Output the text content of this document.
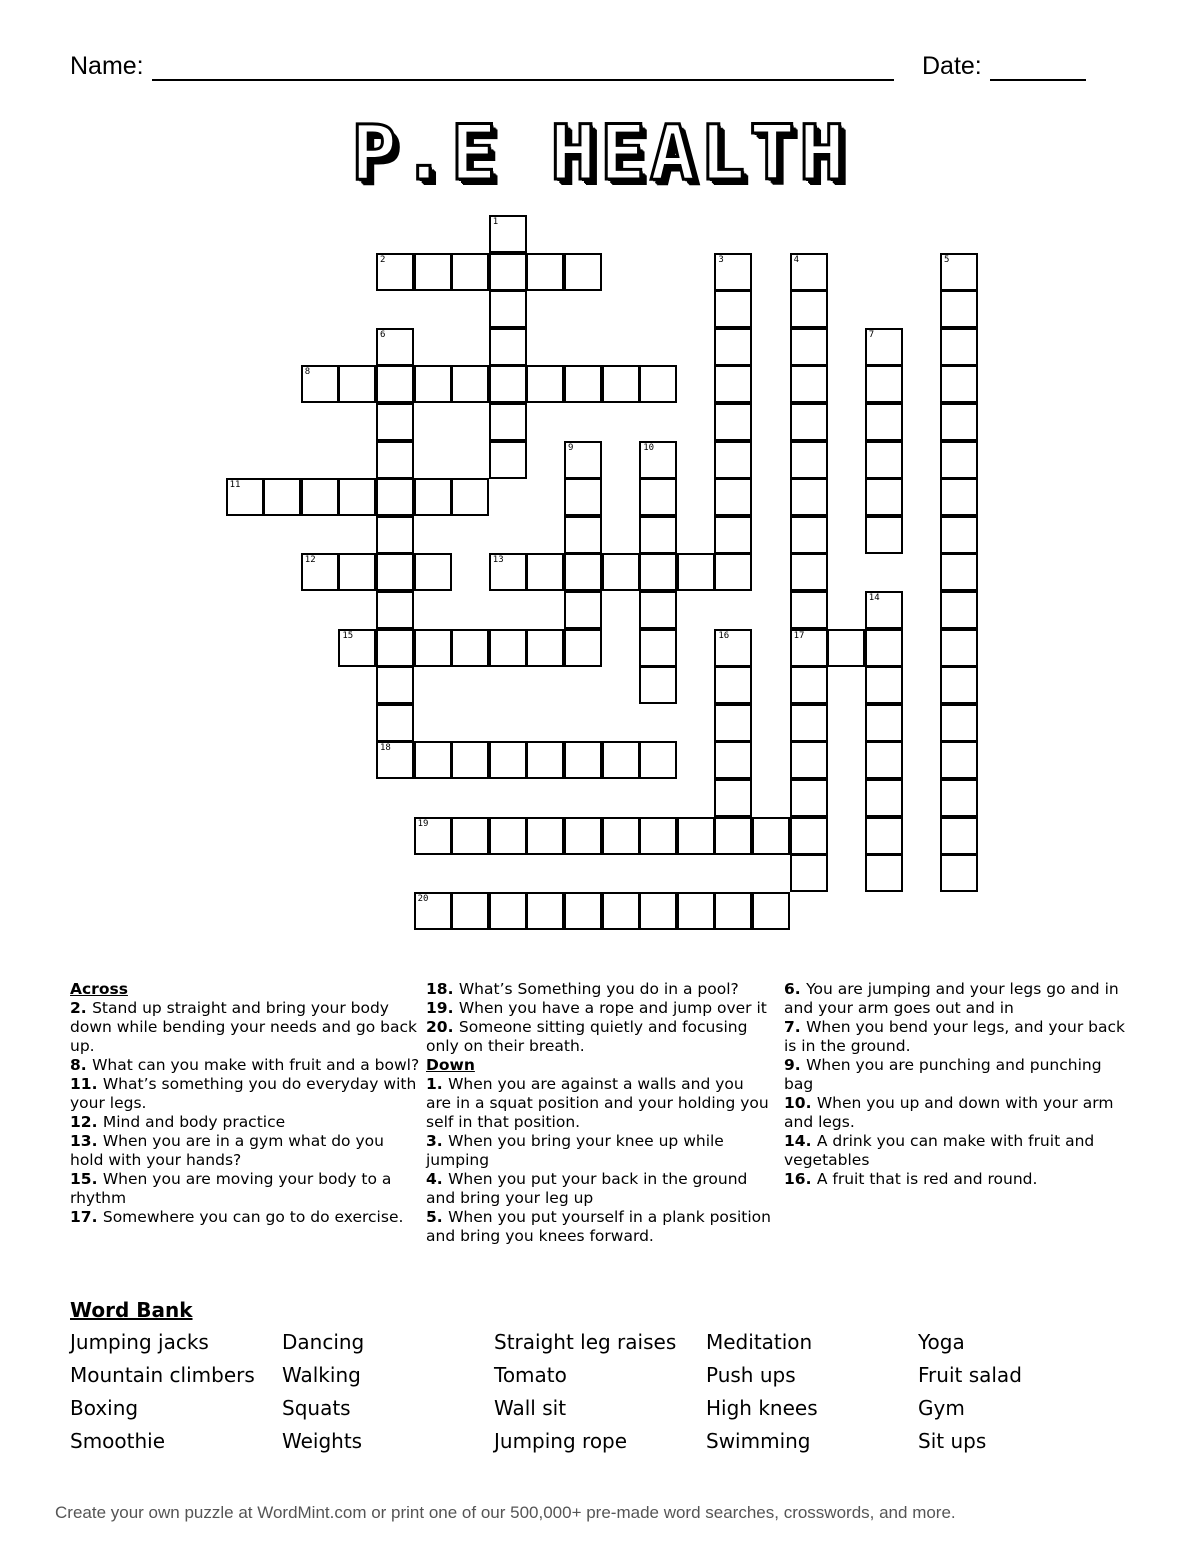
Name:	Date:
P.E HEALTH
1
2	3	4
17
5
6
18
7
8
9	10
11
12	13
14
15	16
19
20
Across
2. Stand up straight and bring your body down while bending your needs and go back up.
8. What can you make with fruit and a bowl?
11. What’s something you do everyday with your legs.
12. Mind and body practice
13. When you are in a gym what do you hold with your hands?
15. When you are moving your body to a rhythm
17. Somewhere you can go to do exercise.
18. What’s Something you do in a pool?
19. When you have a rope and jump over it
20. Someone sitting quietly and focusing only on their breath.
Down
1. When you are against a walls and you are in a squat position and your holding you self in that position.
3. When you bring your knee up while jumping
4. When you put your back in the ground and bring your leg up
5. When you put yourself in a plank position and bring you knees forward.
6. You are jumping and your legs go and in and your arm goes out and in
7. When you bend your legs, and your back is in the ground.
9. When you are punching and punching bag
10. When you up and down with your arm and legs.
14. A drink you can make with fruit and vegetables
16. A fruit that is red and round.
Word Bank
Jumping jacks	Dancing	Straight leg raises	Meditation	Yoga
Mountain climbers	Walking	Tomato	Push ups	Fruit salad
Boxing	Squats	Wall sit	High knees	Gym
Smoothie	Weights	Jumping rope	Swimming	Sit ups
Create your own puzzle at WordMint.com or print one of our 500,000+ pre-made word searches, crosswords, and more.
